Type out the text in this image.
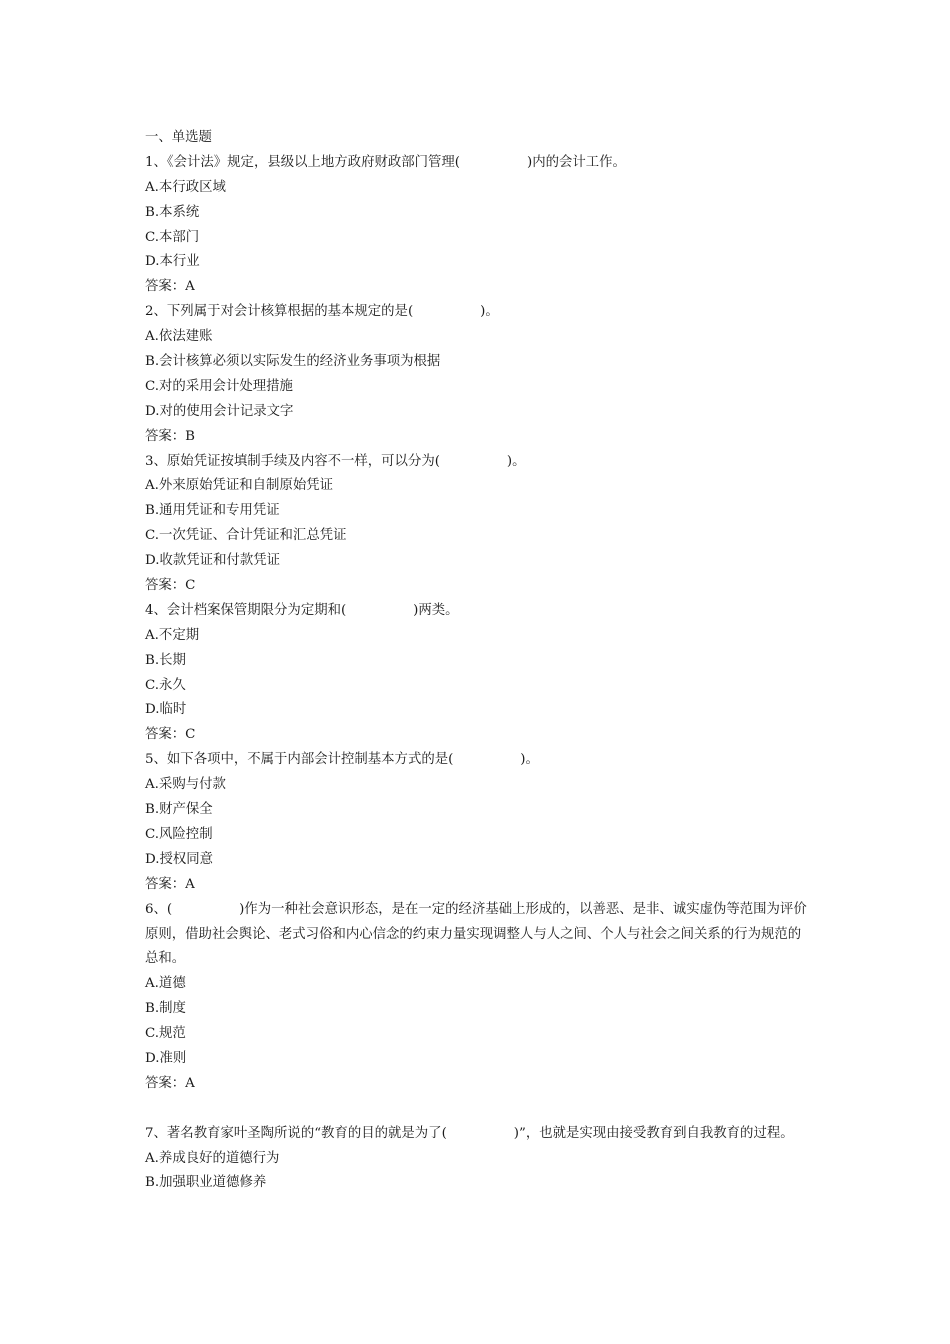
一、单选题
1、《会计法》规定，县级以上地方政府财政部门管理(　　　　　)内的会计工作。
A.本行政区域
B.本系统
C.本部门
D.本行业
答案：A
2、下列属于对会计核算根据的基本规定的是(　　　　　)。
A.依法建账
B.会计核算必须以实际发生的经济业务事项为根据
C.对的采用会计处理措施
D.对的使用会计记录文字
答案：B
3、原始凭证按填制手续及内容不一样，可以分为(　　　　　)。
A.外来原始凭证和自制原始凭证
B.通用凭证和专用凭证
C.一次凭证、合计凭证和汇总凭证
D.收款凭证和付款凭证
答案：C
4、会计档案保管期限分为定期和(　　　　　)两类。
A.不定期
B.长期
C.永久
D.临时
答案：C
5、如下各项中，不属于内部会计控制基本方式的是(　　　　　)。
A.采购与付款
B.财产保全
C.风险控制
D.授权同意
答案：A
6、(　　　　　)作为一种社会意识形态，是在一定的经济基础上形成的，以善恶、是非、诚实虚伪等范围为评价原则，借助社会舆论、老式习俗和内心信念的约束力量实现调整人与人之间、个人与社会之间关系的行为规范的总和。
A.道德
B.制度
C.规范
D.准则
答案：A
7、著名教育家叶圣陶所说的“教育的目的就是为了(　　　　　)”，也就是实现由接受教育到自我教育的过程。
A.养成良好的道德行为
B.加强职业道德修养
